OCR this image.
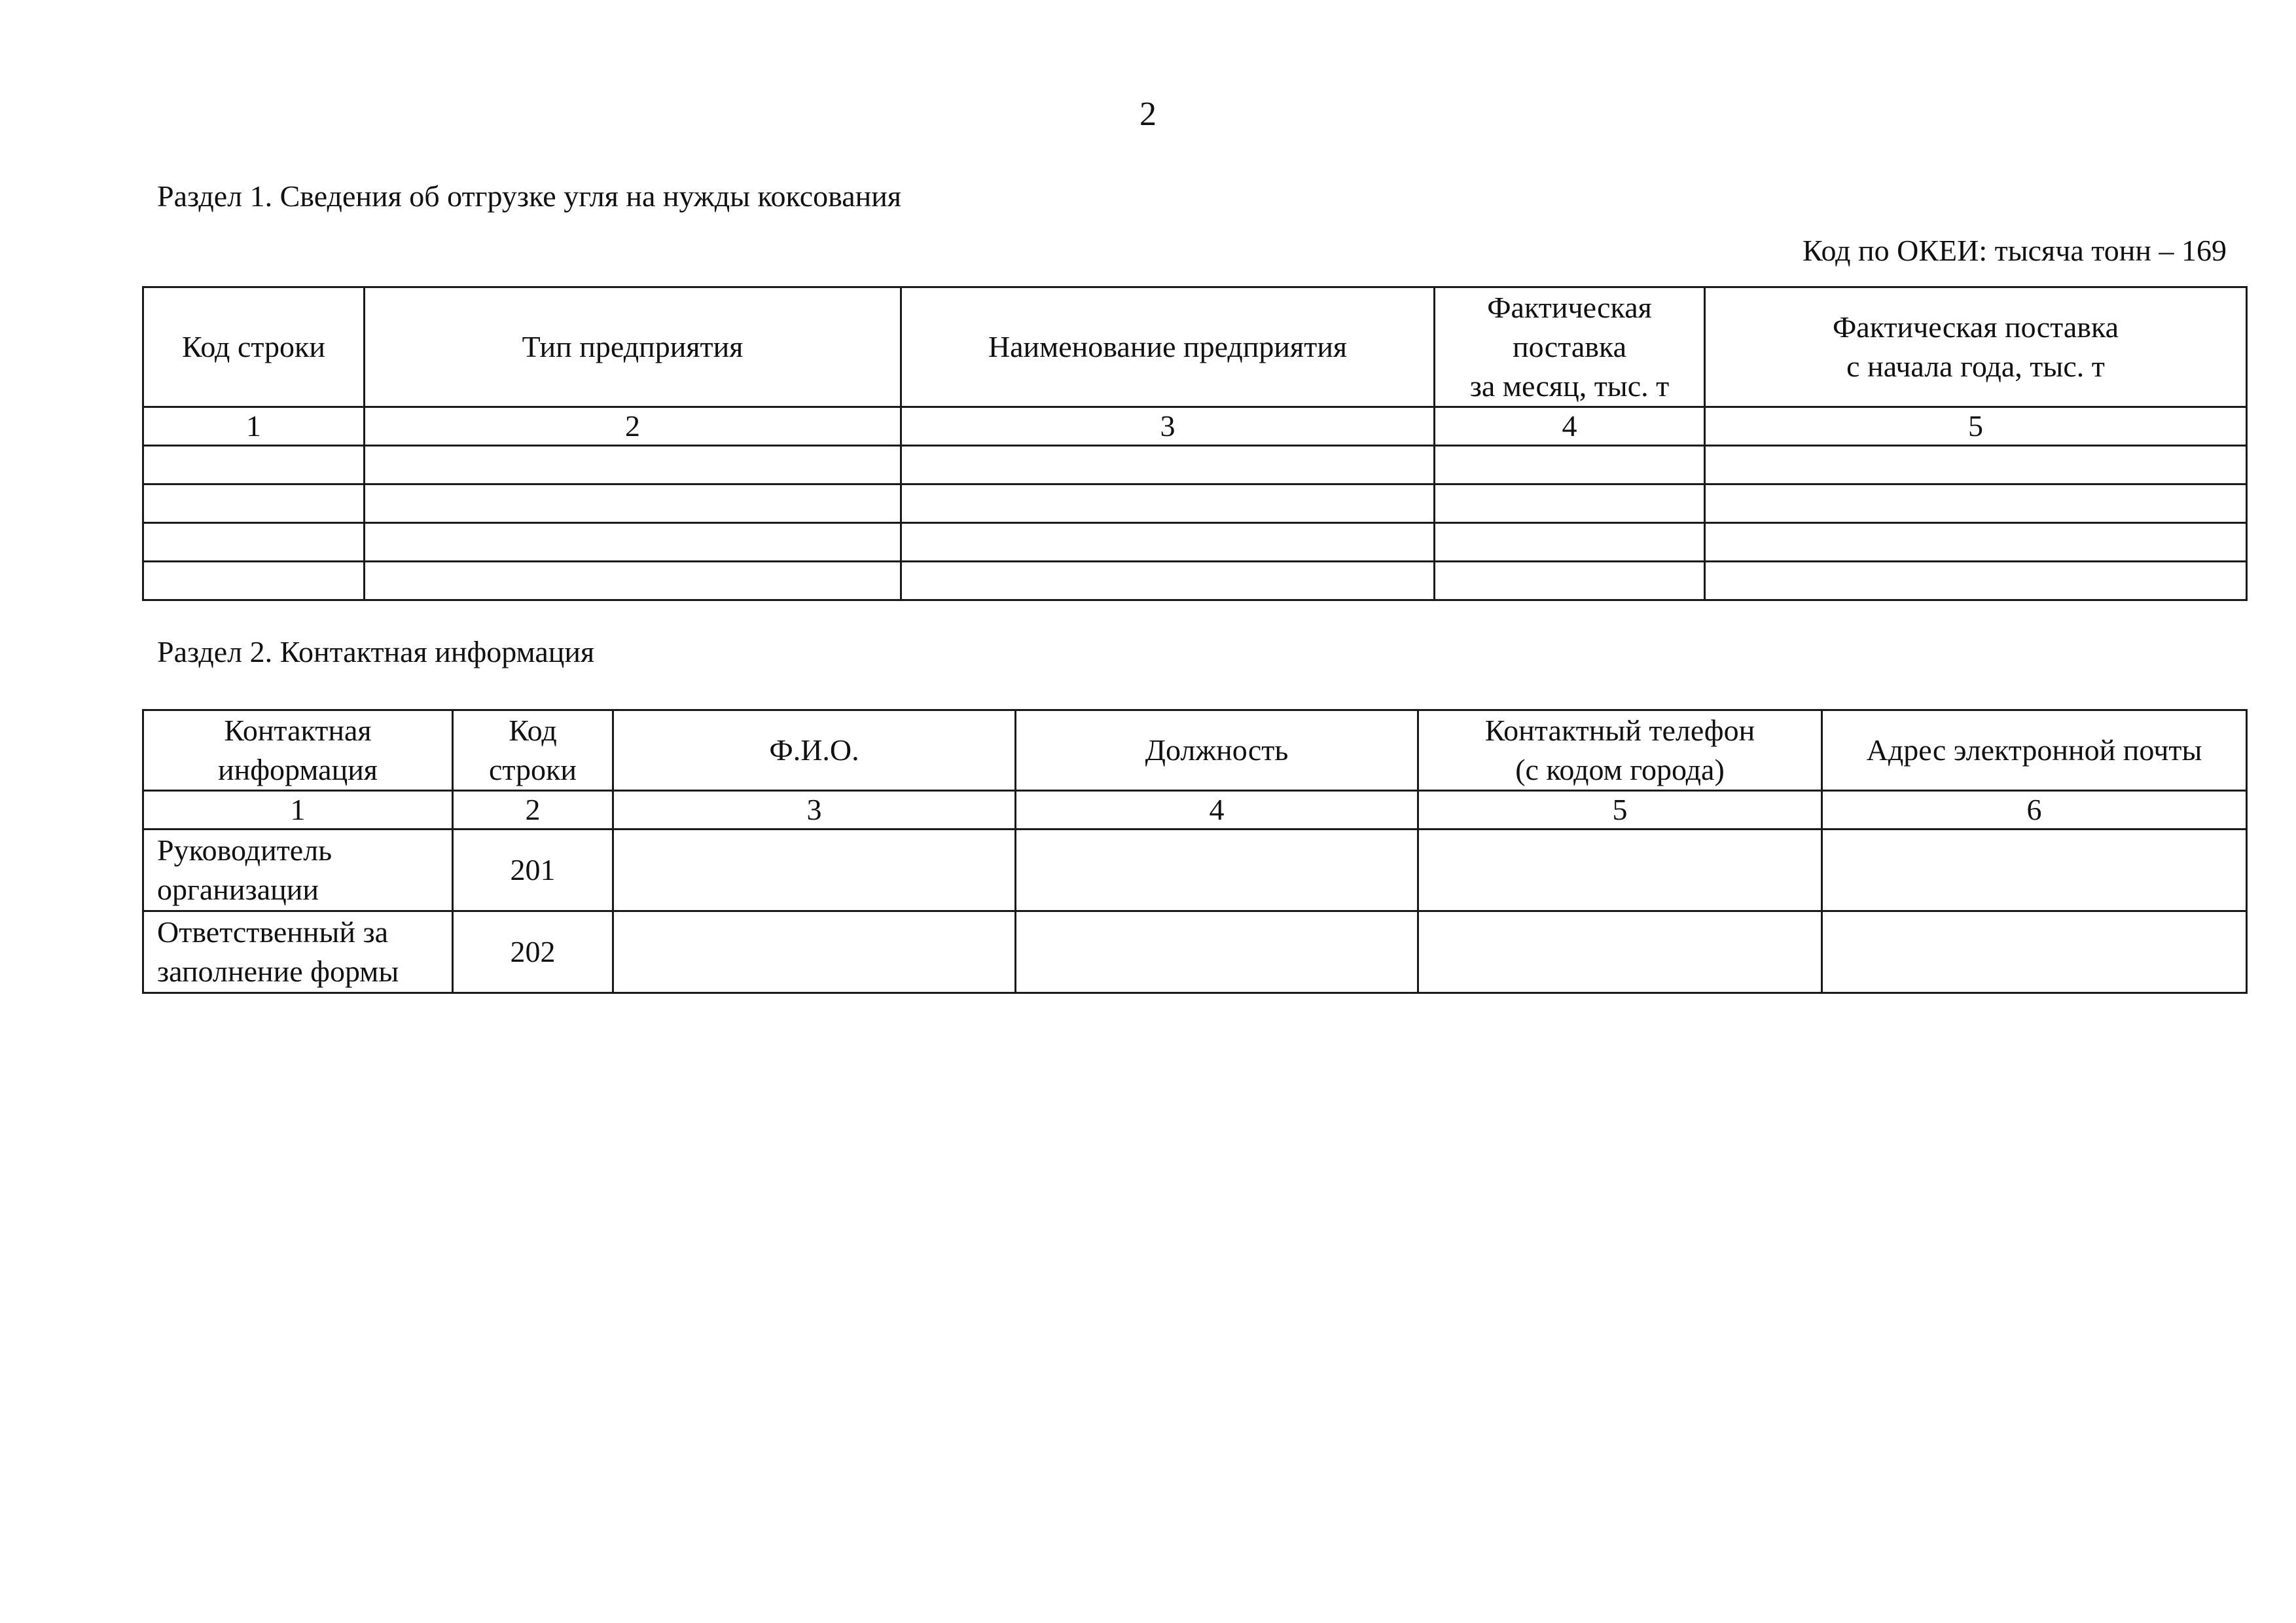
2
Раздел 1. Сведения об отгрузке угля на нужды коксования
Код по ОКЕИ: тысяча тонн – 169
Код строки	Тип предприятия	Наименование предприятия	Фактическая
поставка
за месяц, тыс. т	Фактическая поставка
с начала года, тыс. т

1	2	3	4	5

Раздел 2. Контактная информация
Контактная
информация	Код
строки	Ф.И.О.	Должность	Контактный телефон
(с кодом города)	Адрес электронной почты
1	2	3	4	5	6

Руководитель
организации	201				

Ответственный за
заполнение формы	202				
